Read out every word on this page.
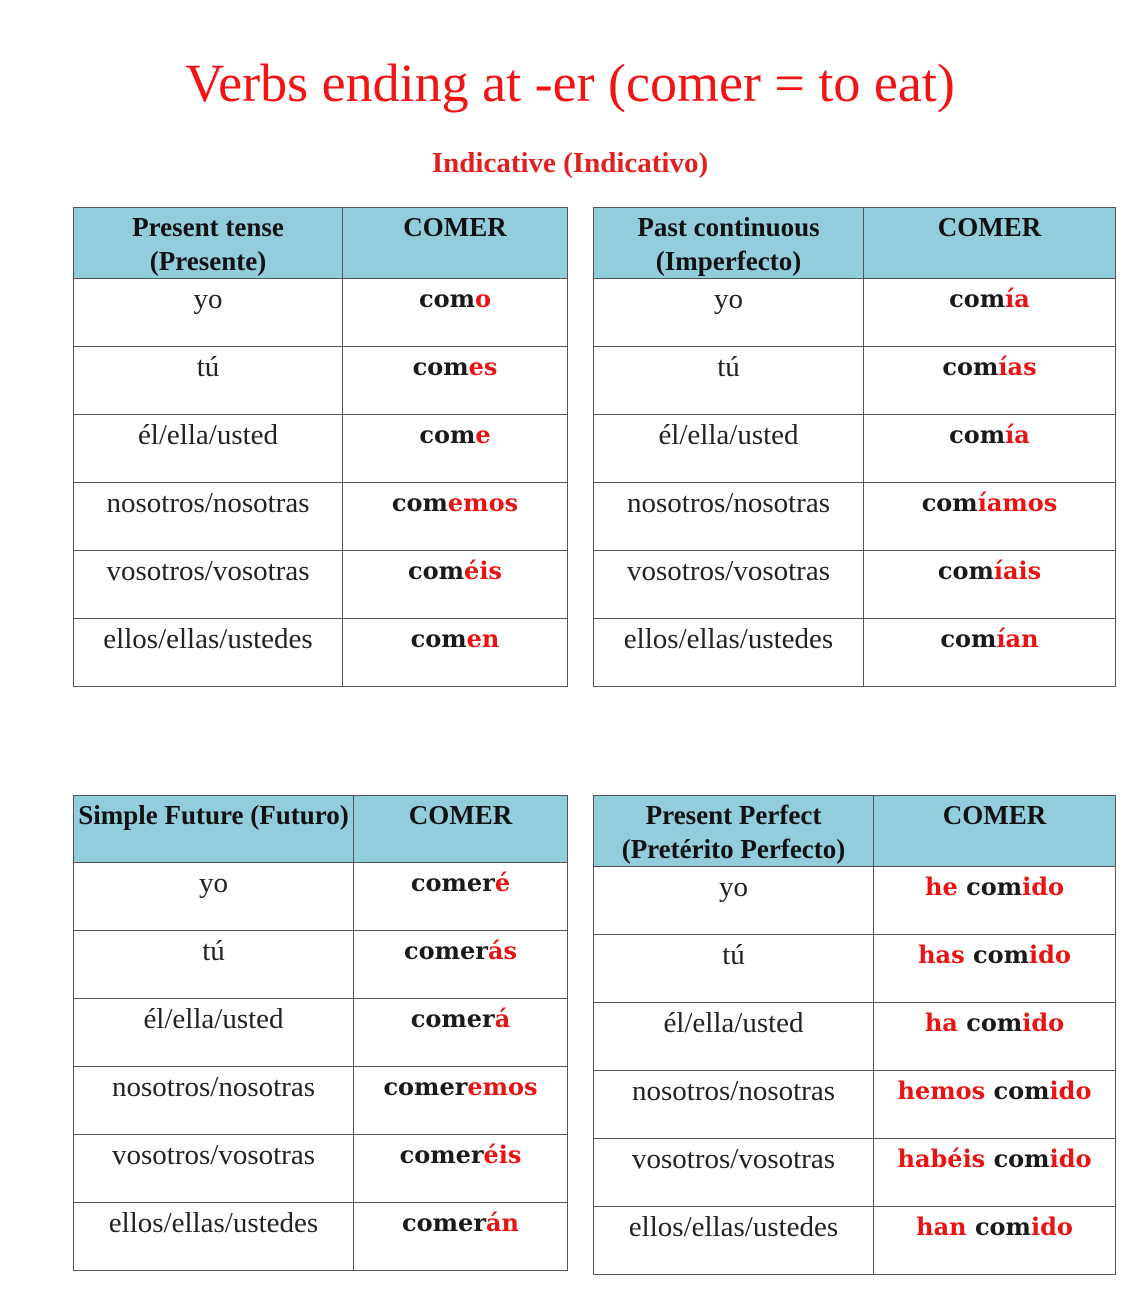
Verbs ending at -er (comer = to eat)
Indicative (Indicativo)
Present tense (Presente)	COMER
yo	como
tú	comes
él/ella/usted	come
nosotros/nosotras	comemos
vosotros/vosotras	coméis
ellos/ellas/ustedes	comen
Past continuous (Imperfecto)	COMER
yo	comía
tú	comías
él/ella/usted	comía
nosotros/nosotras	comíamos
vosotros/vosotras	comíais
ellos/ellas/ustedes	comían
Simple Future (Futuro)	COMER
yo	comeré
tú	comerás
él/ella/usted	comerá
nosotros/nosotras	comeremos
vosotros/vosotras	comeréis
ellos/ellas/ustedes	comerán
Present Perfect (Pretérito Perfecto)	COMER
yo	he comido
tú	has comido
él/ella/usted	ha comido
nosotros/nosotras	hemos comido
vosotros/vosotras	habéis comido
ellos/ellas/ustedes	han comido
